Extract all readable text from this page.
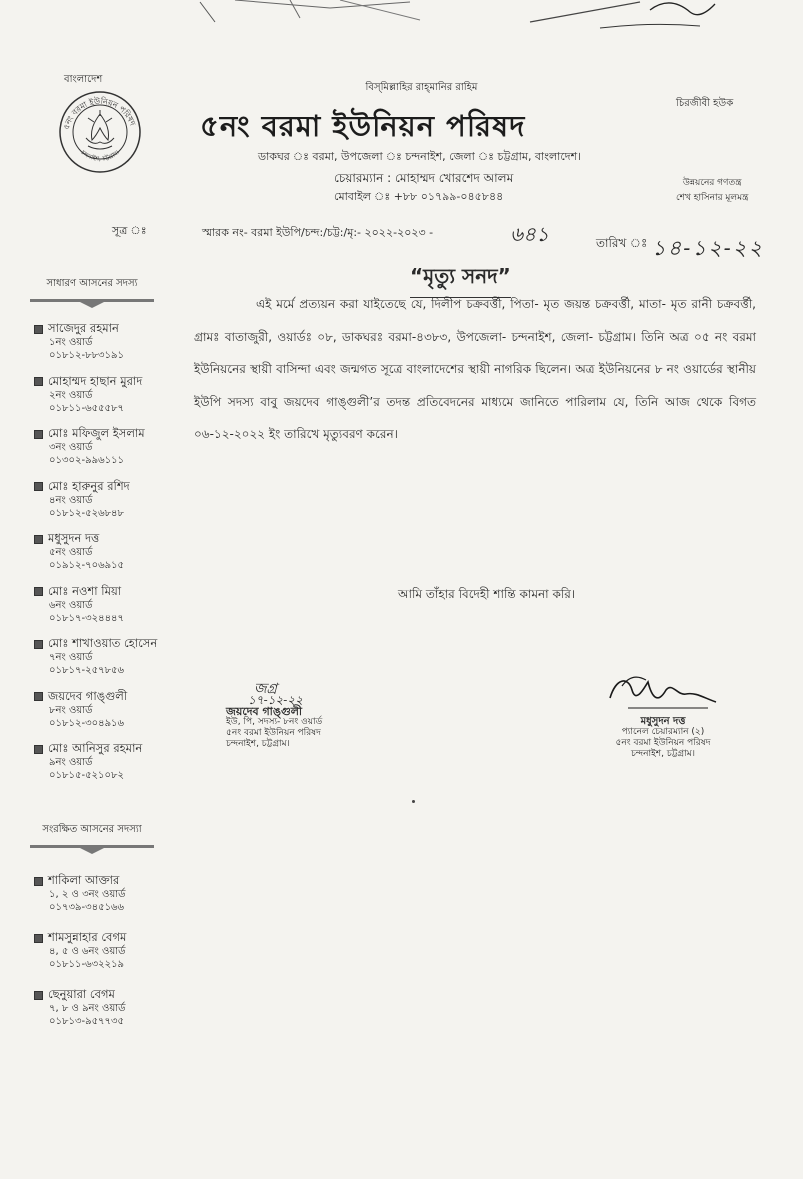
বাংলাদেশ
৫নং বরমা ইউনিয়ন পরিষদ
চন্দনাইশ, চট্টগ্রাম।
বিস্‌মিল্লাহির রাহ্‌মানির রাহিম
চিরজীবী হউক
৫নং বরমা ইউনিয়ন পরিষদ
ডাকঘর ঃ বরমা, উপজেলা ঃ চন্দনাইশ, জেলা ঃ চট্টগ্রাম, বাংলাদেশ।
চেয়ারম্যান : মোহাম্মদ খোরশেদ আলম
মোবাইল ঃ +৮৮ ০১৭৯৯-০৪৫৮৪৪
উন্নয়নের গণতন্ত্র
শেখ হাসিনার মূলমন্ত্র
সূত্র ঃ	স্মারক নং- বরমা ইউপি/চন্দ:/চট্ট:/মৃ:- ২০২২-২০২৩ -	৬৪১	তারিখ ঃ ১৪-১২-২২
সাধারণ আসনের সদস্য
সাজেদুর রহমান
১নং ওয়ার্ড
০১৮১২-৮৮৩১৯১
মোহাম্মদ হাছান মুরাদ
২নং ওয়ার্ড
০১৮১১-৬৫৫৫৮৭
মোঃ মফিজুল ইসলাম
৩নং ওয়ার্ড
০১৩০২-৯৯৬১১১
মোঃ হারুনুর রশিদ
৪নং ওয়ার্ড
০১৮১২-৫২৬৮৪৮
মধুসুদন দত্ত
৫নং ওয়ার্ড
০১৯১২-৭০৬৯১৫
মোঃ নওশা মিয়া
৬নং ওয়ার্ড
০১৮১৭-৩২৪৪৪৭
মোঃ শাখাওয়াত হোসেন
৭নং ওয়ার্ড
০১৮১৭-২৫৭৮৫৬
জয়দেব গাঙ্গুলী
৮নং ওয়ার্ড
০১৮১২-৩০৪৯১৬
মোঃ আনিসুর রহমান
৯নং ওয়ার্ড
০১৮১৫-৫২১০৮২
সংরক্ষিত আসনের সদস্যা
শাকিলা আক্তার
১, ২ ও ৩নং ওয়ার্ড
০১৭৩৯-৩৪৫১৬৬
শামসুন্নাহার বেগম
৪, ৫ ও ৬নং ওয়ার্ড
০১৮১১-৬৩২২১৯
ছেনুয়ারা বেগম
৭, ৮ ও ৯নং ওয়ার্ড
০১৮১৩-৯৫৭৭৩৫
“মৃত্যু সনদ”
এই মর্মে প্রত্যয়ন করা যাইতেছে যে, দিলীপ চক্রবর্ত্তী, পিতা- মৃত জয়ন্ত চক্রবর্ত্তী, মাতা- মৃত রানী চক্রবর্ত্তী, গ্রামঃ বাতাজুরী, ওয়ার্ডঃ ০৮, ডাকঘরঃ বরমা-৪৩৮৩, উপজেলা- চন্দনাইশ, জেলা- চট্টগ্রাম। তিনি অত্র ০৫ নং বরমা ইউনিয়নের স্থায়ী বাসিন্দা এবং জন্মগত সূত্রে বাংলাদেশের স্থায়ী নাগরিক ছিলেন। অত্র ইউনিয়নের ৮ নং ওয়ার্ডের স্থানীয় ইউপি সদস্য বাবু জয়দেব গাঙ্গুলী’র তদন্ত প্রতিবেদনের মাধ্যমে জানিতে পারিলাম যে, তিনি আজ থেকে বিগত ০৬-১২-২০২২ ইং তারিখে মৃত্যুবরণ করেন।
আমি তাঁহার বিদেহী শান্তি কামনা করি।
জগ্র
১৭-১২-২২
জয়দেব গাঙ্গুলী
ইউ, পি, সদস্য- ৮নং ওয়ার্ড
৫নং বরমা ইউনিয়ন পরিষদ
চন্দনাইশ, চট্টগ্রাম।
মধুসুদন দত্ত
প্যানেল চেয়ারম্যান (২)
৫নং বরমা ইউনিয়ন পরিষদ
চন্দনাইশ, চট্টগ্রাম।
